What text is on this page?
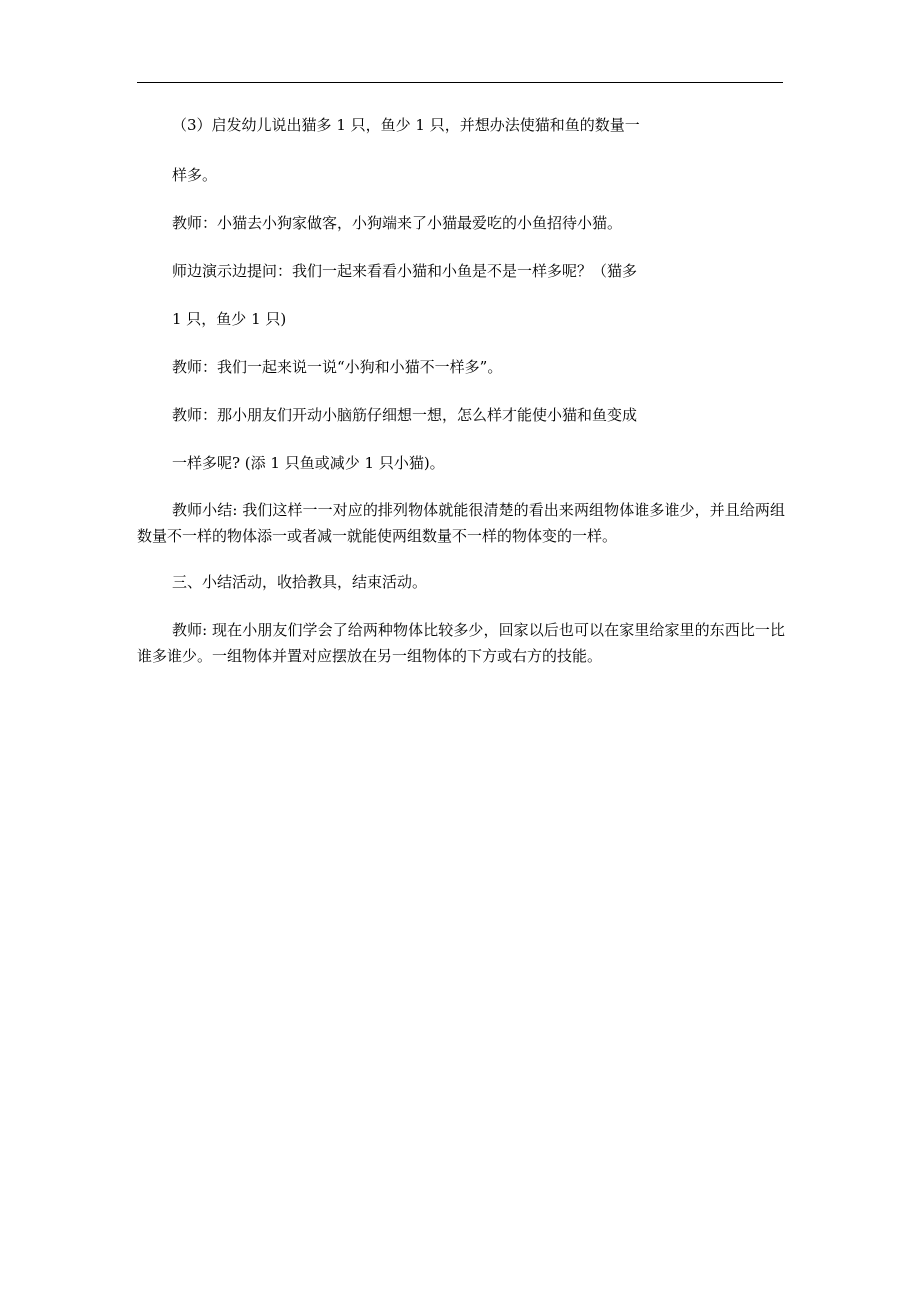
（3）启发幼儿说出猫多 1 只，鱼少 1 只，并想办法使猫和鱼的数量一
样多。
教师：小猫去小狗家做客，小狗端来了小猫最爱吃的小鱼招待小猫。
师边演示边提问：我们一起来看看小猫和小鱼是不是一样多呢？（猫多
1 只，鱼少 1 只)
教师：我们一起来说一说“小狗和小猫不一样多”。
教师：那小朋友们开动小脑筋仔细想一想，怎么样才能使小猫和鱼变成
一样多呢? (添 1 只鱼或减少 1 只小猫)。
教师小结: 我们这样一一对应的排列物体就能很清楚的看出来两组物体谁多谁少，并且给两组数量不一样的物体添一或者减一就能使两组数量不一样的物体变的一样。
三、小结活动，收拾教具，结束活动。
教师: 现在小朋友们学会了给两种物体比较多少，回家以后也可以在家里给家里的东西比一比谁多谁少。一组物体并置对应摆放在另一组物体的下方或右方的技能。
